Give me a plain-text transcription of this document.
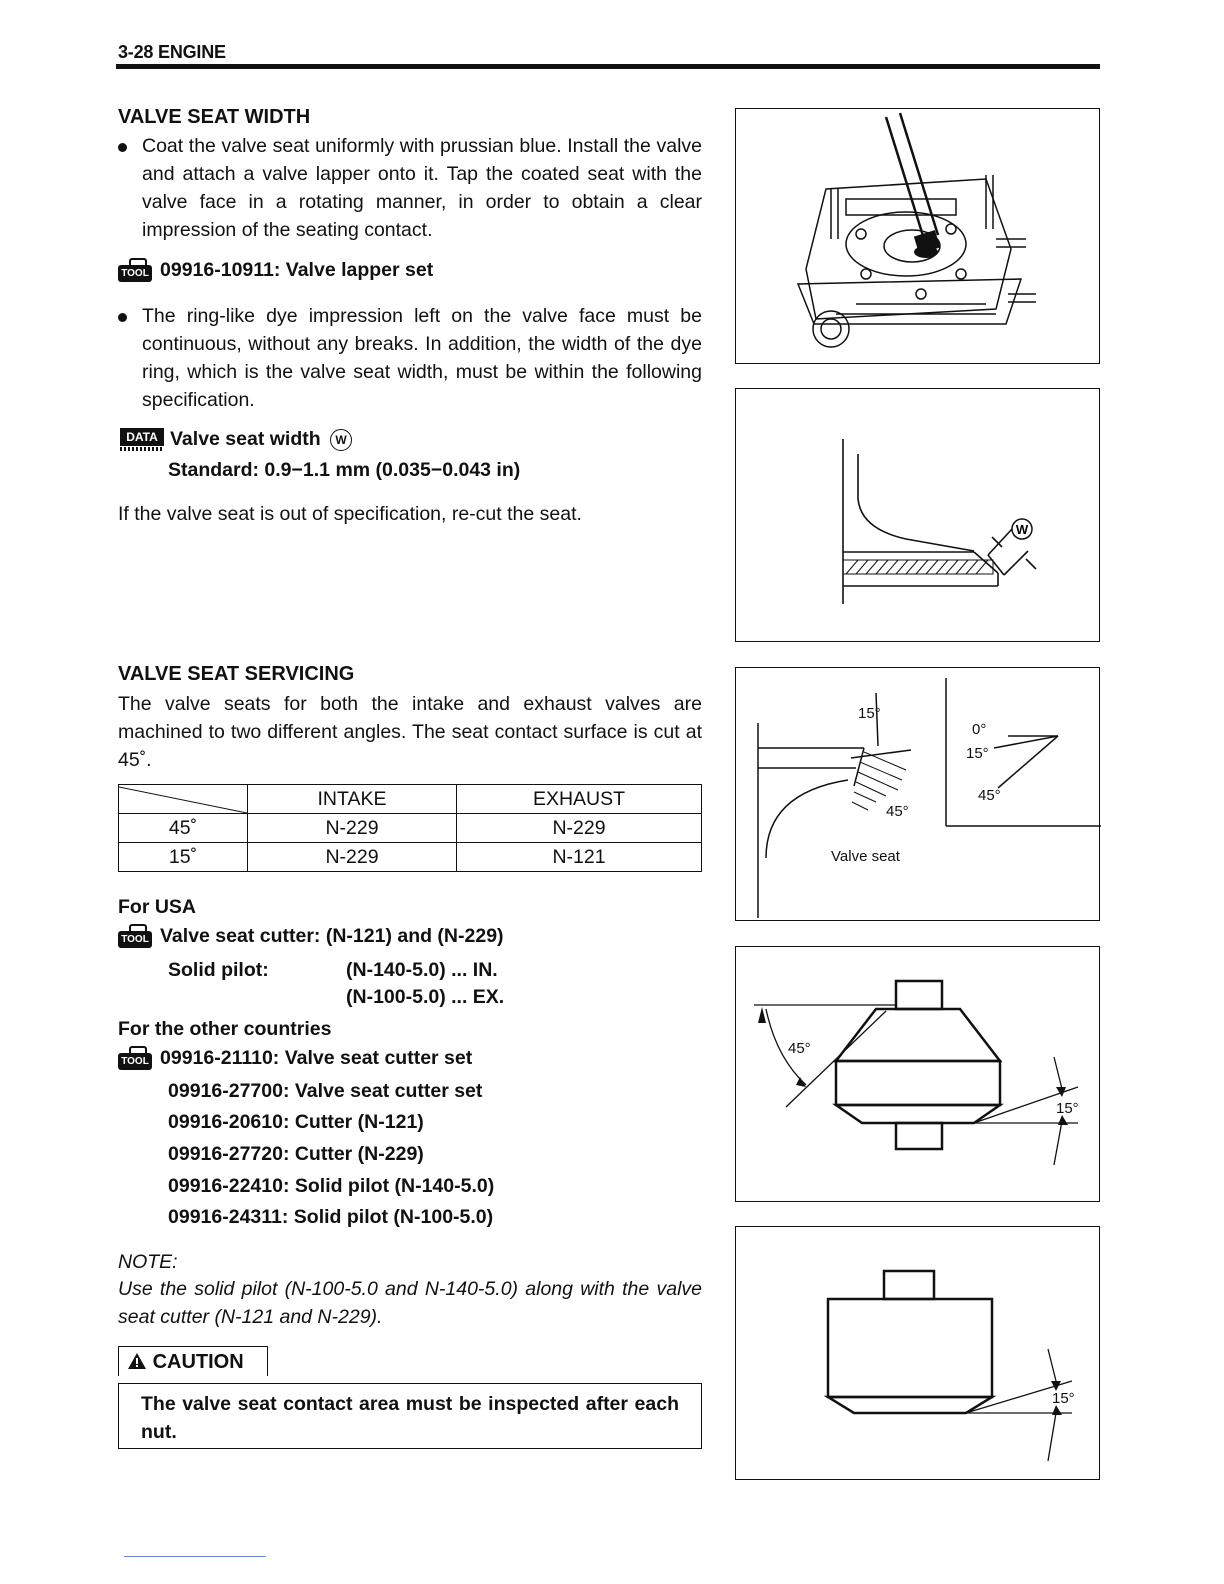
3-28 ENGINE
VALVE SEAT WIDTH
Coat the valve seat uniformly with prussian blue. Install the valve and attach a valve lapper onto it. Tap the coated seat with the valve face in a rotating manner, in order to obtain a clear impression of the seating contact.
TOOL 09916-10911: Valve lapper set
The ring-like dye impression left on the valve face must be continuous, without any breaks. In addition, the width of the dye ring, which is the valve seat width, must be within the following specification.
DATA Valve seat width W
Standard: 0.9−1.1 mm (0.035−0.043 in)
If the valve seat is out of specification, re-cut the seat.
VALVE SEAT SERVICING
The valve seats for both the intake and exhaust valves are machined to two different angles. The seat contact surface is cut at 45˚.
	INTAKE	EXHAUST
45˚	N-229	N-229
15˚	N-229	N-121
For USA
TOOL Valve seat cutter: (N-121) and (N-229)
Solid pilot:	(N-140-5.0) ... IN.
(N-100-5.0) ... EX.
For the other countries
TOOL 09916-21110: Valve seat cutter set
09916-27700: Valve seat cutter set
09916-20610: Cutter (N-121)
09916-27720: Cutter (N-229)
09916-22410: Solid pilot (N-140-5.0)
09916-24311: Solid pilot (N-100-5.0)
NOTE:
Use the solid pilot (N-100-5.0 and N-140-5.0) along with the valve seat cutter (N-121 and N-229).
CAUTION
The valve seat contact area must be inspected after each nut.
W
15°
45°
Valve seat
0°
15°
45°
45°
15°
15°
